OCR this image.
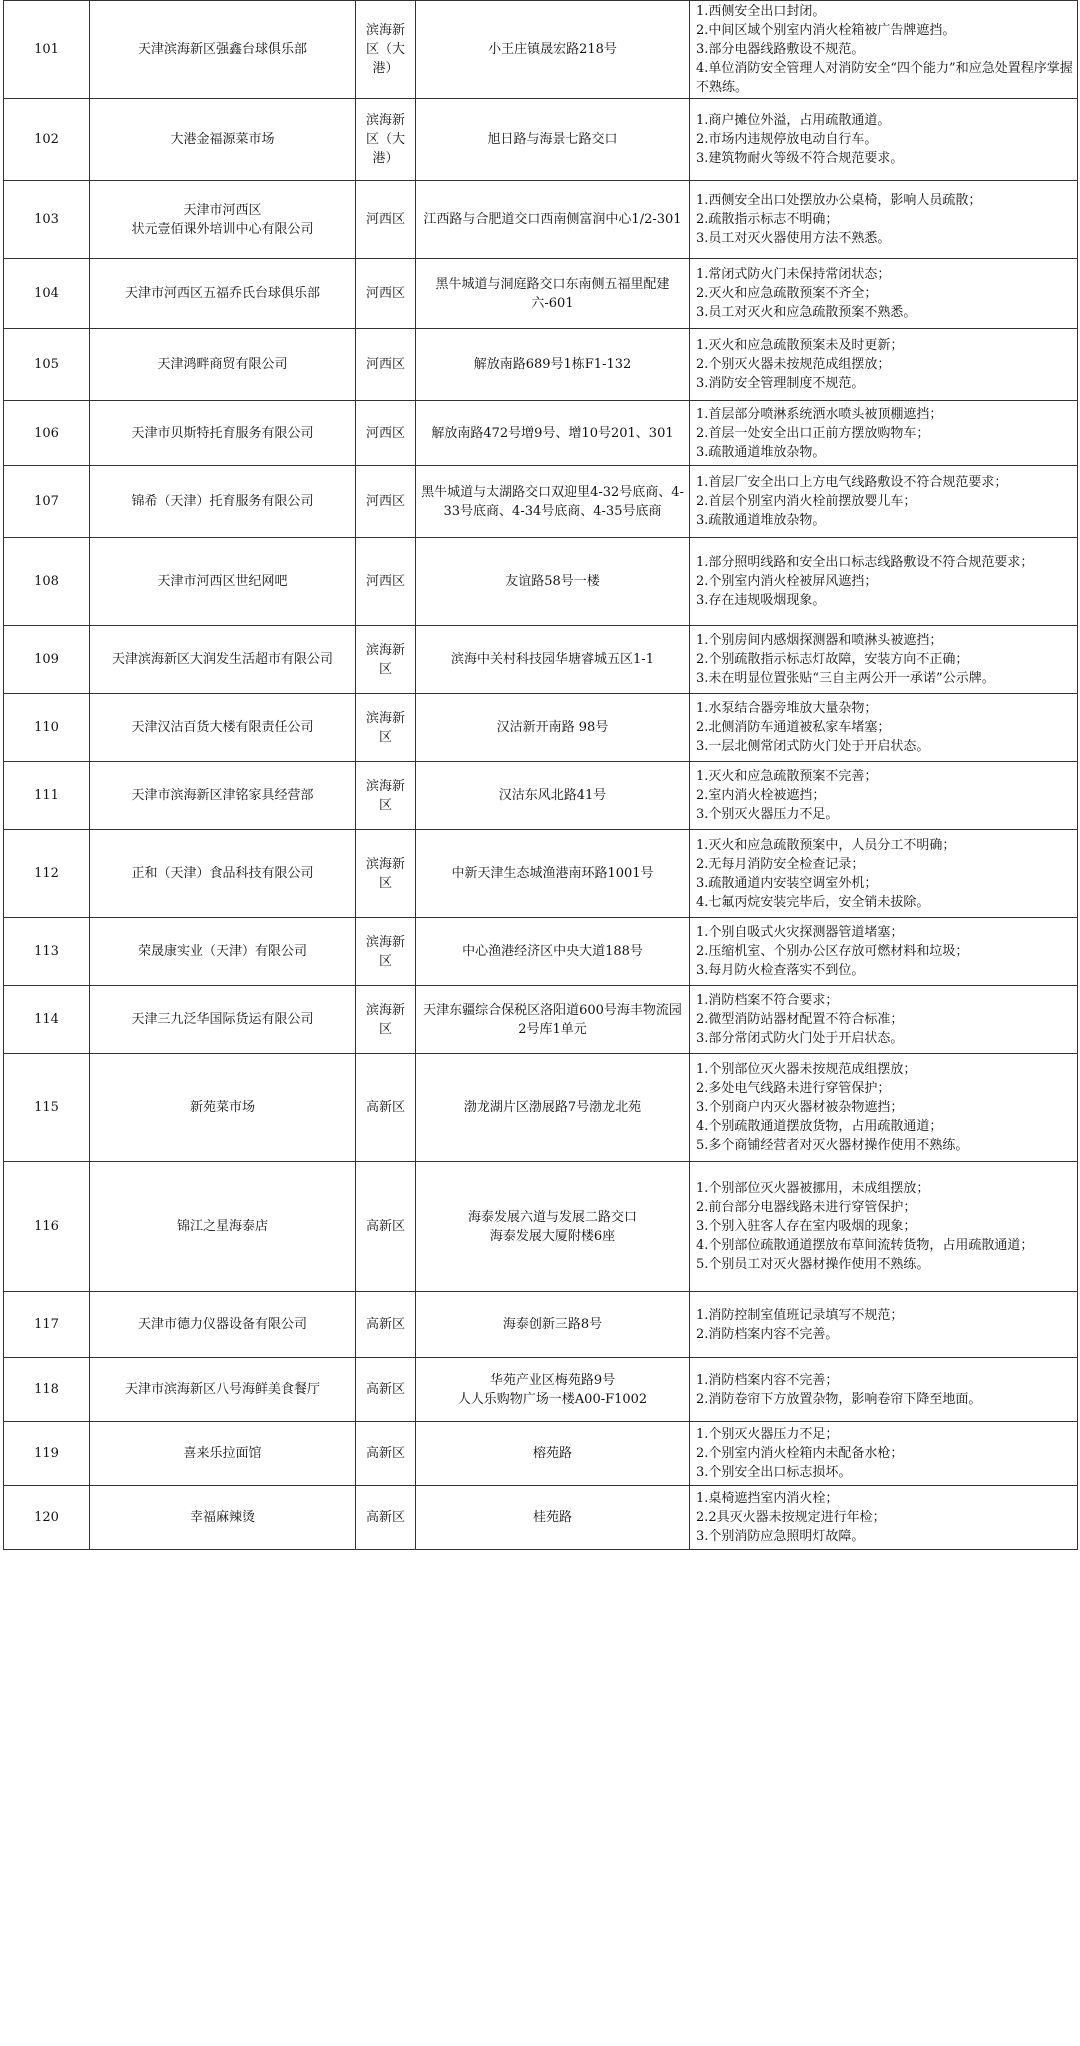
101	天津滨海新区强鑫台球俱乐部	滨海新区（大港）	小王庄镇晟宏路218号	1.西侧安全出口封闭。
2.中间区域个别室内消火栓箱被广告牌遮挡。
3.部分电器线路敷设不规范。
4.单位消防安全管理人对消防安全“四个能力”和应急处置程序掌握不熟练。

102	大港金福源菜市场	滨海新区（大港）	旭日路与海景七路交口	1.商户摊位外溢，占用疏散通道。
2.市场内违规停放电动自行车。
3.建筑物耐火等级不符合规范要求。

103	天津市河西区
状元壹佰课外培训中心有限公司	河西区	江西路与合肥道交口西南侧富润中心1/2-301	1.西侧安全出口处摆放办公桌椅，影响人员疏散；
2.疏散指示标志不明确；
3.员工对灭火器使用方法不熟悉。

104	天津市河西区五福乔氏台球俱乐部	河西区	黑牛城道与洞庭路交口东南侧五福里配建六-601	1.常闭式防火门未保持常闭状态；
2.灭火和应急疏散预案不齐全；
3.员工对灭火和应急疏散预案不熟悉。

105	天津鸿畔商贸有限公司	河西区	解放南路689号1栋F1-132	1.灭火和应急疏散预案未及时更新；
2.个别灭火器未按规范成组摆放；
3.消防安全管理制度不规范。

106	天津市贝斯特托育服务有限公司	河西区	解放南路472号增9号、增10号201、301	1.首层部分喷淋系统洒水喷头被顶棚遮挡；
2.首层一处安全出口正前方摆放购物车；
3.疏散通道堆放杂物。

107	锦希（天津）托育服务有限公司	河西区	黑牛城道与太湖路交口双迎里4-32号底商、4-33号底商、4-34号底商、4-35号底商	1.首层厂安全出口上方电气线路敷设不符合规范要求；
2.首层个别室内消火栓前摆放婴儿车；
3.疏散通道堆放杂物。

108	天津市河西区世纪网吧	河西区	友谊路58号一楼	1.部分照明线路和安全出口标志线路敷设不符合规范要求；
2.个别室内消火栓被屏风遮挡；
3.存在违规吸烟现象。

109	天津滨海新区大润发生活超市有限公司	滨海新区	滨海中关村科技园华塘睿城五区1-1	1.个别房间内感烟探测器和喷淋头被遮挡；
2.个别疏散指示标志灯故障，安装方向不正确；
3.未在明显位置张贴“三自主两公开一承诺”公示牌。

110	天津汉沽百货大楼有限责任公司	滨海新区	汉沽新开南路 98号	1.水泵结合器旁堆放大量杂物；
2.北侧消防车通道被私家车堵塞；
3.一层北侧常闭式防火门处于开启状态。

111	天津市滨海新区津铭家具经营部	滨海新区	汉沽东风北路41号	1.灭火和应急疏散预案不完善；
2.室内消火栓被遮挡；
3.个别灭火器压力不足。

112	正和（天津）食品科技有限公司	滨海新区	中新天津生态城渔港南环路1001号	1.灭火和应急疏散预案中，人员分工不明确；
2.无每月消防安全检查记录；
3.疏散通道内安装空调室外机；
4.七氟丙烷安装完毕后，安全销未拔除。

113	荣晟康实业（天津）有限公司	滨海新区	中心渔港经济区中央大道188号	1.个别自吸式火灾探测器管道堵塞；
2.压缩机室、个别办公区存放可燃材料和垃圾；
3.每月防火检查落实不到位。

114	天津三九泛华国际货运有限公司	滨海新区	天津东疆综合保税区洛阳道600号海丰物流园2号库1单元	1.消防档案不符合要求；
2.微型消防站器材配置不符合标准；
3.部分常闭式防火门处于开启状态。

115	新苑菜市场	高新区	渤龙湖片区渤展路7号渤龙北苑	1.个别部位灭火器未按规范成组摆放；
2.多处电气线路未进行穿管保护；
3.个别商户内灭火器材被杂物遮挡；
4.个别疏散通道摆放货物，占用疏散通道；
5.多个商铺经营者对灭火器材操作使用不熟练。

116	锦江之星海泰店	高新区	海泰发展六道与发展二路交口
海泰发展大厦附楼6座	1.个别部位灭火器被挪用，未成组摆放；
2.前台部分电器线路未进行穿管保护；
3.个别入驻客人存在室内吸烟的现象；
4.个别部位疏散通道摆放布草间流转货物，占用疏散通道；
5.个别员工对灭火器材操作使用不熟练。

117	天津市德力仪器设备有限公司	高新区	海泰创新三路8号	1.消防控制室值班记录填写不规范；
2.消防档案内容不完善。

118	天津市滨海新区八号海鲜美食餐厅	高新区	华苑产业区梅苑路9号
人人乐购物广场一楼A00-F1002	1.消防档案内容不完善；
2.消防卷帘下方放置杂物，影响卷帘下降至地面。

119	喜来乐拉面馆	高新区	榕苑路	1.个别灭火器压力不足；
2.个别室内消火栓箱内未配备水枪；
3.个别安全出口标志损坏。

120	幸福麻辣烫	高新区	桂苑路	1.桌椅遮挡室内消火栓；
2.2具灭火器未按规定进行年检；
3.个别消防应急照明灯故障。
